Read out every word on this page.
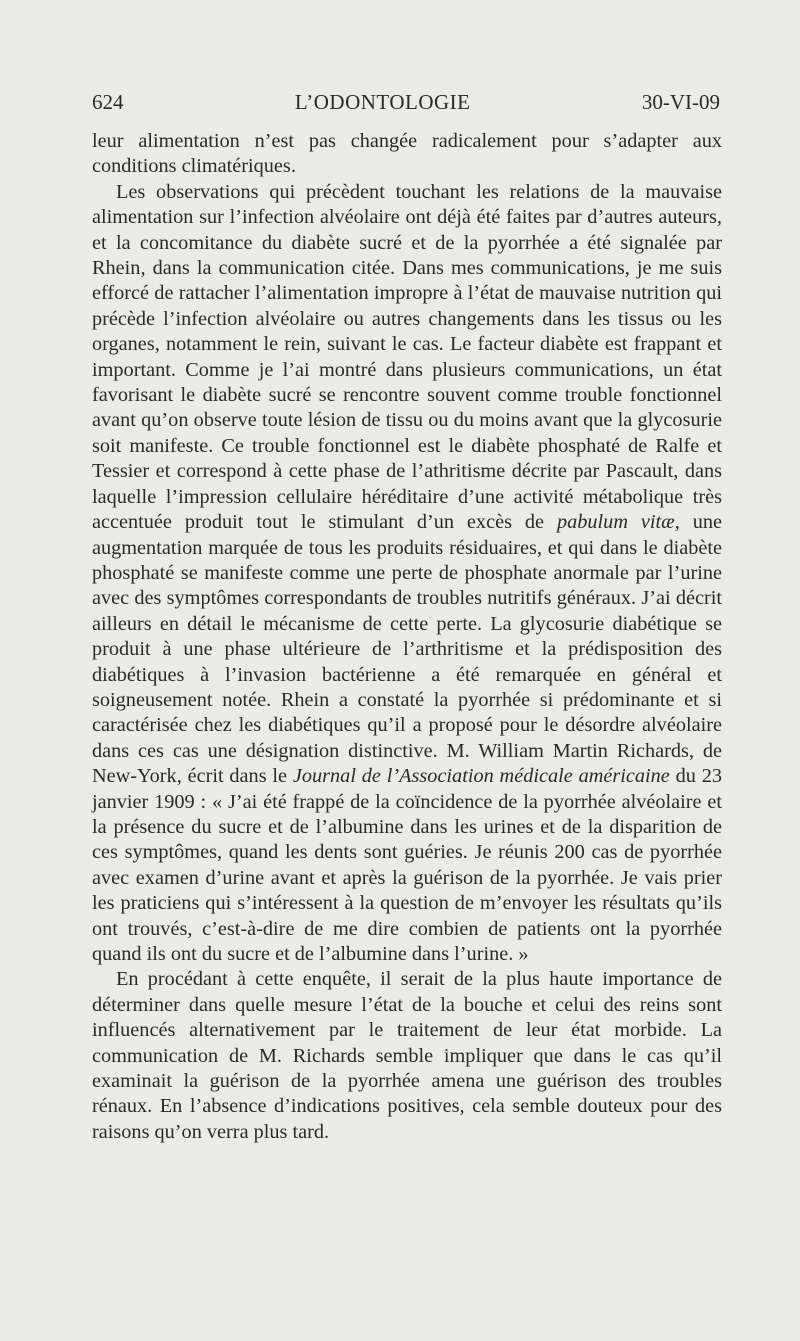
624	L’ODONTOLOGIE	30-VI-09

leur alimentation n’est pas changée radicalement pour s’adapter aux conditions climatériques.

Les observations qui précèdent touchant les relations de la mauvaise alimentation sur l’infection alvéolaire ont déjà été faites par d’autres auteurs, et la concomitance du diabète sucré et de la pyorrhée a été signalée par Rhein, dans la communication citée. Dans mes communications, je me suis efforcé de rattacher l’alimentation impropre à l’état de mauvaise nutrition qui précède l’infection alvéolaire ou autres changements dans les tissus ou les organes, notamment le rein, suivant le cas. Le facteur diabète est frappant et important. Comme je l’ai montré dans plusieurs communications, un état favorisant le diabète sucré se rencontre souvent comme trouble fonctionnel avant qu’on observe toute lésion de tissu ou du moins avant que la glycosurie soit manifeste. Ce trouble fonctionnel est le diabète phosphaté de Ralfe et Tessier et correspond à cette phase de l’athritisme décrite par Pascault, dans laquelle l’impression cellulaire héréditaire d’une activité métabolique très accentuée produit tout le stimulant d’un excès de pabulum vitæ, une augmentation marquée de tous les produits résiduaires, et qui dans le diabète phosphaté se manifeste comme une perte de phosphate anormale par l’urine avec des symptômes correspondants de troubles nutritifs généraux. J’ai décrit ailleurs en détail le mécanisme de cette perte. La glycosurie diabétique se produit à une phase ultérieure de l’arthritisme et la prédisposition des diabétiques à l’invasion bactérienne a été remarquée en général et soigneusement notée. Rhein a constaté la pyorrhée si prédominante et si caractérisée chez les diabétiques qu’il a proposé pour le désordre alvéolaire dans ces cas une désignation distinctive. M. William Martin Richards, de New-York, écrit dans le Journal de l’Association médicale américaine du 23 janvier 1909 : « J’ai été frappé de la coïncidence de la pyorrhée alvéolaire et la présence du sucre et de l’albumine dans les urines et de la disparition de ces symptômes, quand les dents sont guéries. Je réunis 200 cas de pyorrhée avec examen d’urine avant et après la guérison de la pyorrhée. Je vais prier les praticiens qui s’intéressent à la question de m’envoyer les résultats qu’ils ont trouvés, c’est-à-dire de me dire combien de patients ont la pyorrhée quand ils ont du sucre et de l’albumine dans l’urine. »

En procédant à cette enquête, il serait de la plus haute importance de déterminer dans quelle mesure l’état de la bouche et celui des reins sont influencés alternativement par le traitement de leur état morbide. La communication de M. Richards semble impliquer que dans le cas qu’il examinait la guérison de la pyorrhée amena une guérison des troubles rénaux. En l’absence d’indications positives, cela semble douteux pour des raisons qu’on verra plus tard.
